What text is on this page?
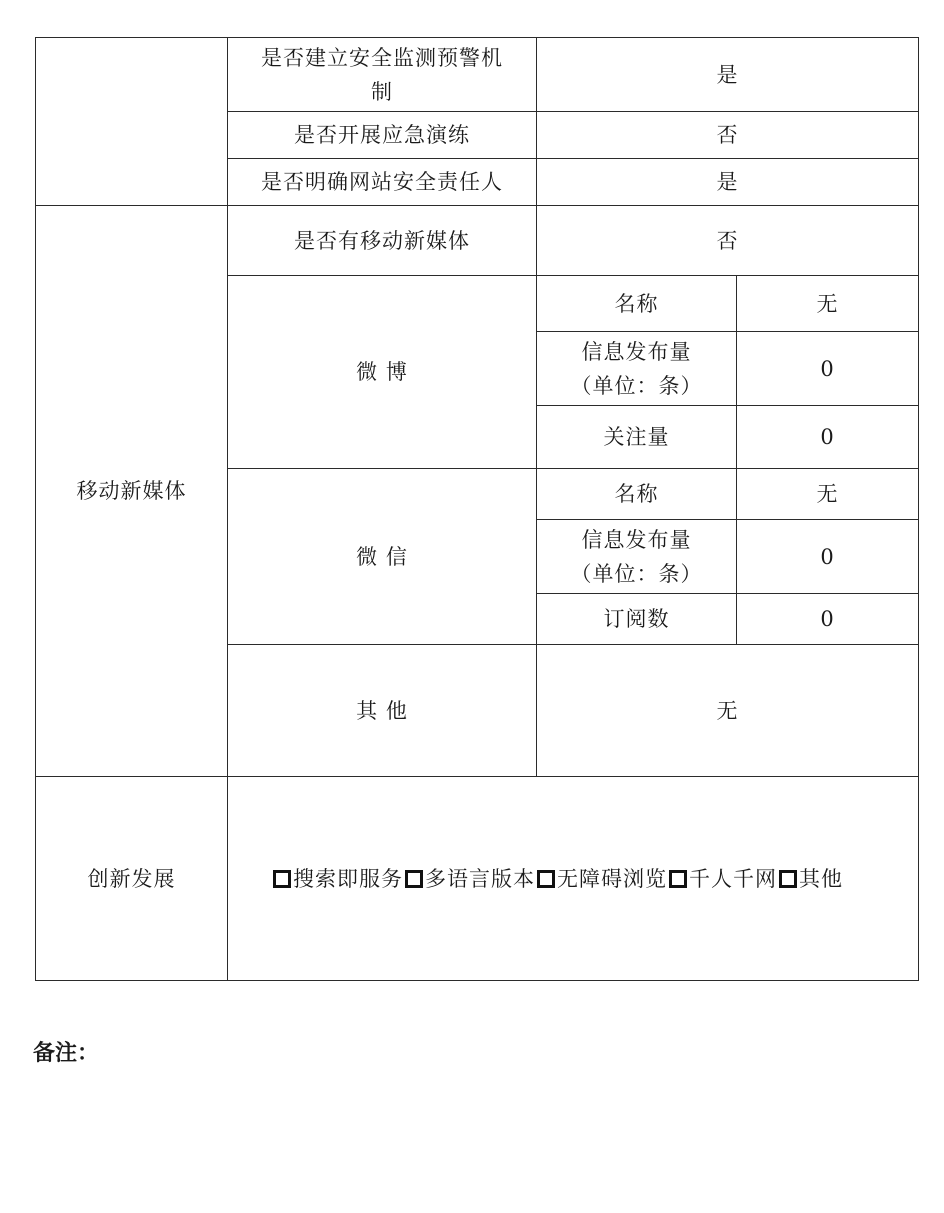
	是否建立安全监测预警机制	是	
	是否开展应急演练	否	
	是否明确网站安全责任人	是	
移动新媒体	是否有移动新媒体	否	
	微 博	名称	无
		信息发布量（单位：条）	0
		关注量	0
	微 信	名称	无
		信息发布量（单位：条）	0
		订阅数	0
	其 他	无	
创新发展	搜索即服务 多语言版本 无障碍浏览 千人千网 其他		
备注：
